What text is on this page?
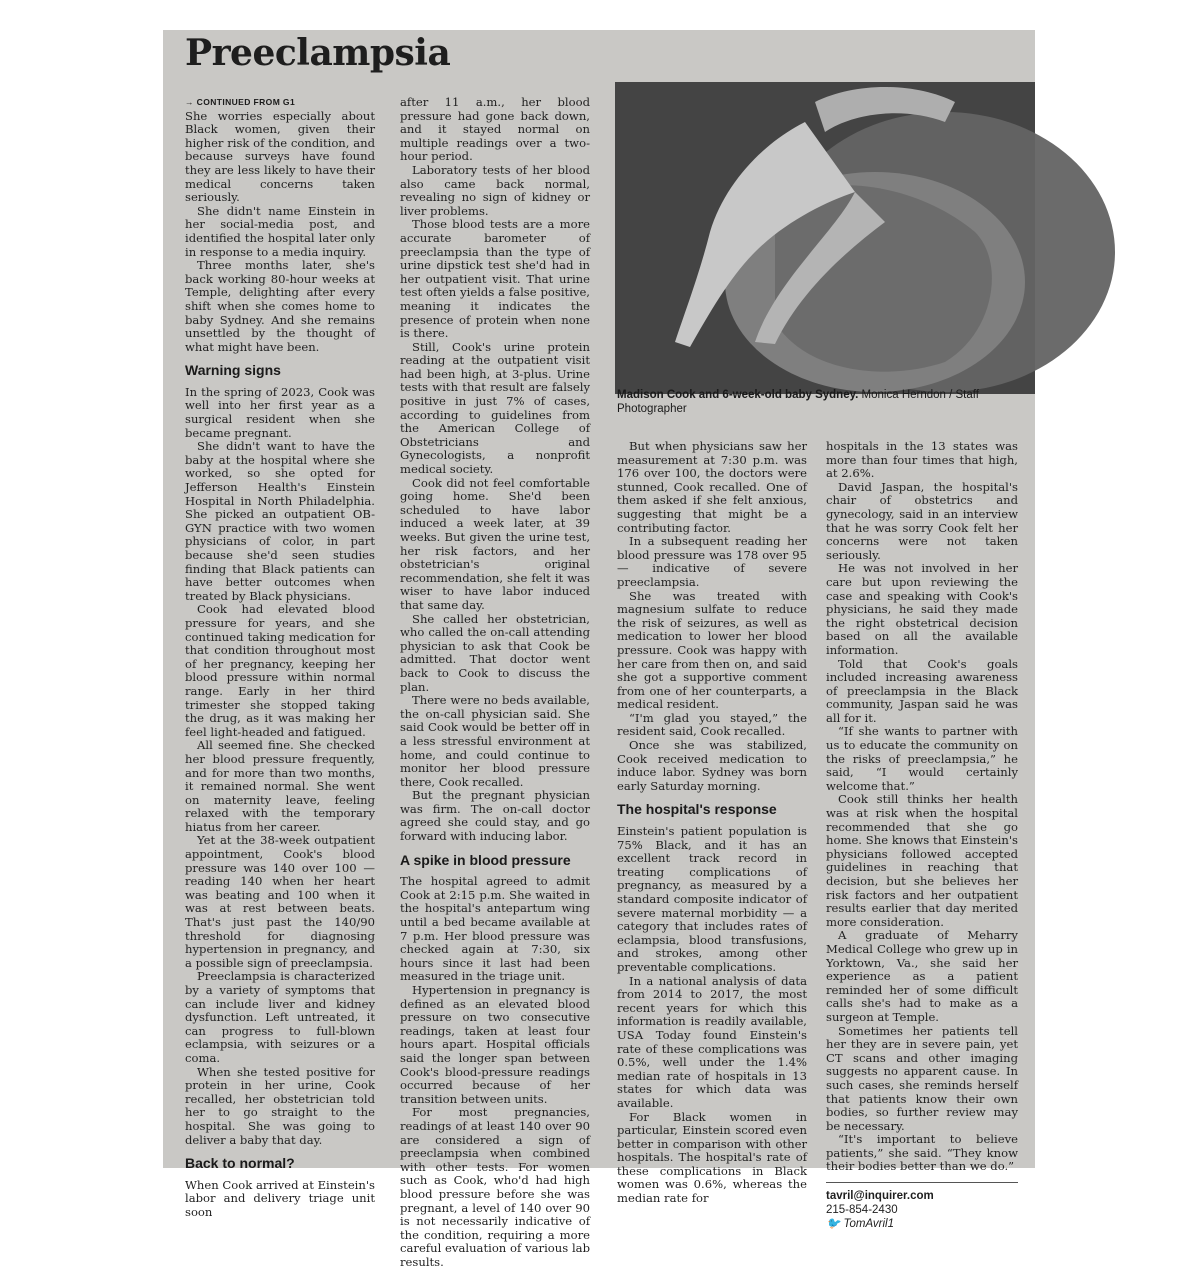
Preeclampsia
→ CONTINUED FROM G1

She worries especially about Black women, given their higher risk of the condition, and because surveys have found they are less likely to have their medical concerns taken seriously.

She didn't name Einstein in her social-media post, and identified the hospital later only in response to a media inquiry.

Three months later, she's back working 80-hour weeks at Temple, delighting after every shift when she comes home to baby Sydney. And she remains unsettled by the thought of what might have been.

Warning signs

In the spring of 2023, Cook was well into her first year as a surgical resident when she became pregnant.

She didn't want to have the baby at the hospital where she worked, so she opted for Jefferson Health's Einstein Hospital in North Philadelphia. She picked an outpatient OB-GYN practice with two women physicians of color, in part because she'd seen studies finding that Black patients can have better outcomes when treated by Black physicians.

Cook had elevated blood pressure for years, and she continued taking medication for that condition throughout most of her pregnancy, keeping her blood pressure within normal range. Early in her third trimester she stopped taking the drug, as it was making her feel light-headed and fatigued.

All seemed fine. She checked her blood pressure frequently, and for more than two months, it remained normal. She went on maternity leave, feeling relaxed with the temporary hiatus from her career.

Yet at the 38-week outpatient appointment, Cook's blood pressure was 140 over 100 — reading 140 when her heart was beating and 100 when it was at rest between beats. That's just past the 140/90 threshold for diagnosing hypertension in pregnancy, and a possible sign of preeclampsia.

Preeclampsia is characterized by a variety of symptoms that can include liver and kidney dysfunction. Left untreated, it can progress to full-blown eclampsia, with seizures or a coma.

When she tested positive for protein in her urine, Cook recalled, her obstetrician told her to go straight to the hospital. She was going to deliver a baby that day.

Back to normal?

When Cook arrived at Einstein's labor and delivery triage unit soon

after 11 a.m., her blood pressure had gone back down, and it stayed normal on multiple readings over a two-hour period.

Laboratory tests of her blood also came back normal, revealing no sign of kidney or liver problems.

Those blood tests are a more accurate barometer of preeclampsia than the type of urine dipstick test she'd had in her outpatient visit. That urine test often yields a false positive, meaning it indicates the presence of protein when none is there.

Still, Cook's urine protein reading at the outpatient visit had been high, at 3-plus. Urine tests with that result are falsely positive in just 7% of cases, according to guidelines from the American College of Obstetricians and Gynecologists, a nonprofit medical society.

Cook did not feel comfortable going home. She'd been scheduled to have labor induced a week later, at 39 weeks. But given the urine test, her risk factors, and her obstetrician's original recommendation, she felt it was wiser to have labor induced that same day.

She called her obstetrician, who called the on-call attending physician to ask that Cook be admitted. That doctor went back to Cook to discuss the plan.

There were no beds available, the on-call physician said. She said Cook would be better off in a less stressful environment at home, and could continue to monitor her blood pressure there, Cook recalled.

But the pregnant physician was firm. The on-call doctor agreed she could stay, and go forward with inducing labor.

A spike in blood pressure

The hospital agreed to admit Cook at 2:15 p.m. She waited in the hospital's antepartum wing until a bed became available at 7 p.m. Her blood pressure was checked again at 7:30, six hours since it last had been measured in the triage unit.

Hypertension in pregnancy is defined as an elevated blood pressure on two consecutive readings, taken at least four hours apart. Hospital officials said the longer span between Cook's blood-pressure readings occurred because of her transition between units.

For most pregnancies, readings of at least 140 over 90 are considered a sign of preeclampsia when combined with other tests. For women such as Cook, who'd had high blood pressure before she was pregnant, a level of 140 over 90 is not necessarily indicative of the condition, requiring a more careful evaluation of various lab results.

Madison Cook and 6-week-old baby Sydney. Monica Herndon / Staff Photographer

But when physicians saw her measurement at 7:30 p.m. was 176 over 100, the doctors were stunned, Cook recalled. One of them asked if she felt anxious, suggesting that might be a contributing factor.

In a subsequent reading her blood pressure was 178 over 95 — indicative of severe preeclampsia.

She was treated with magnesium sulfate to reduce the risk of seizures, as well as medication to lower her blood pressure. Cook was happy with her care from then on, and said she got a supportive comment from one of her counterparts, a medical resident.

“I'm glad you stayed,” the resident said, Cook recalled.

Once she was stabilized, Cook received medication to induce labor. Sydney was born early Saturday morning.

The hospital's response

Einstein's patient population is 75% Black, and it has an excellent track record in treating complications of pregnancy, as measured by a standard composite indicator of severe maternal morbidity — a category that includes rates of eclampsia, blood transfusions, and strokes, among other preventable complications.

In a national analysis of data from 2014 to 2017, the most recent years for which this information is readily available, USA Today found Einstein's rate of these complications was 0.5%, well under the 1.4% median rate of hospitals in 13 states for which data was available.

For Black women in particular, Einstein scored even better in comparison with other hospitals. The hospital's rate of these complications in Black women was 0.6%, whereas the median rate for

hospitals in the 13 states was more than four times that high, at 2.6%.

David Jaspan, the hospital's chair of obstetrics and gynecology, said in an interview that he was sorry Cook felt her concerns were not taken seriously.

He was not involved in her care but upon reviewing the case and speaking with Cook's physicians, he said they made the right obstetrical decision based on all the available information.

Told that Cook's goals included increasing awareness of preeclampsia in the Black community, Jaspan said he was all for it.

“If she wants to partner with us to educate the community on the risks of preeclampsia,” he said, “I would certainly welcome that.”

Cook still thinks her health was at risk when the hospital recommended that she go home. She knows that Einstein's physicians followed accepted guidelines in reaching that decision, but she believes her risk factors and her outpatient results earlier that day merited more consideration.

A graduate of Meharry Medical College who grew up in Yorktown, Va., she said her experience as a patient reminded her of some difficult calls she's had to make as a surgeon at Temple.

Sometimes her patients tell her they are in severe pain, yet CT scans and other imaging suggests no apparent cause. In such cases, she reminds herself that patients know their own bodies, so further review may be necessary.

“It's important to believe patients,” she said. “They know their bodies better than we do.”

tavril@inquirer.com
215-854-2430
🐦 TomAvril1
